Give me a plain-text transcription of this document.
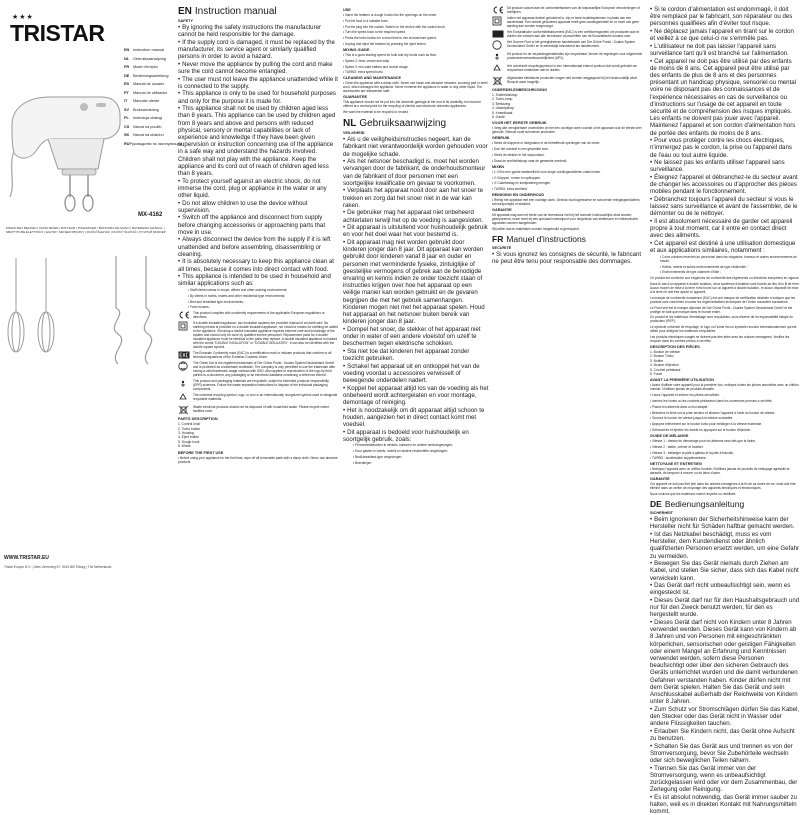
★★★
TRISTAR
EN Instruction manual
NL	Gebruiksaanwijzing
FR	Mode d'emploi
DE Bedienungsanleitung
ES	Manual de usuario
PT	Manual de utilizador
IT	Manuale utente
SV	Bruksanvisning
PL	Instrukcja obsługi
CS Návod na použití
SK Návod na obsluhu
RU Руководство по эксплуатации
MX-4162
MIXER MET BEKKEN | HAND MIXER | BATTEUR | HANDMIXER | BATIDORA DE MANO | BATEDEIRA MANUAL | SBATTITORE ELETTRICO | ELVISP | MIKSER RĘCZNY | RUČNÍ ŠLEHAČ | RUČNÝ ŠĽAHAČ | РУЧНОЙ МИКСЕР
WWW.TRISTAR.EU
Tristar Europe B.V. | Jules Verneweg 87, 5015 BM Tilburg | The Netherlands
EN Instruction manual
SAFETY

• By ignoring the safety instructions the manufacturer cannot be held responsible for the damage.

• If the supply cord is damaged, it must be replaced by the manufacturer, its service agent or similarly qualified persons in order to avoid a hazard.

• Never move the appliance by pulling the cord and make sure the cord cannot become entangled.

• The user must not leave the appliance unattended while it is connected to the supply.

• This appliance is only to be used for household purposes and only for the purpose it is made for.

• This appliance shall not be used by children aged less than 8 years. This appliance can be used by children aged from 8 years and above and persons with reduced physical, sensory or mental capabilities or lack of experience and knowledge if they have been given supervision or instruction concerning use of the appliance in a safe way and understand the hazards involved. Children shall not play with the appliance. Keep the appliance and its cord out of reach of children aged less than 8 years.

• To protect yourself against an electric shock, do not immerse the cord, plug or appliance in the water or any other liquid.

• Do not allow children to use the device without supervision.

• Switch off the appliance and disconnect from supply before changing accessories or approaching parts that move in use.

• Always disconnect the device from the supply if it is left unattended and before assembling, disassembling or cleaning.

• It is absolutely necessary to keep this appliance clean at all times, because it comes into direct contact with food.

• This appliance is intended to be used in household and similar applications such as:

• Staff kitchen areas in shops, offices and other working environments;

• By clients in hotels, motels and other residential type environments;

• Bed and breakfast type environments;

• Farm houses.

This product complies with conformity requirements of the applicable European regulations or directives.

If a double insulated appliance, two insulation systems are provided instead of an earth wire. No earthing means is provided on a double insulated appliance, nor should a means for earthing be added to the appliance. Servicing a double insulated appliance requires extreme care and knowledge of the system and should only be done by qualified service personnel. Replacement parts for a double insulated appliance must be identical to the parts they replace. A double insulated appliance is marked with the words "DOUBLE INSULATION" or "DOUBLE INSULATED". It can also be identified with the double square symbol.

The Eurasian Conformity mark (EAC) is a certification mark to indicate products that conform to all technical regulations of the Eurasian Customs Union.

The Green Dot is the registered trademark of Der Grüne Punkt - Duales System Deutschland GmbH and is protected as a trademark worldwide. The company is only permitted to use the trademark after having a valid trademark usage contract with DSD. Also applies to reproduction of the logo by third parties to a document, any packaging or an electronic database containing a reference thereof.

This product and packaging materials are recyclable, subject to extended producer responsibility (EPR) schemes. Follow the waste separation instructions to dispose of the individual packaging components.

The universal recycling symbol, logo, or icon is an internationally recognized symbol used to designate recyclable materials.

Waste electrical products should not be disposed of with household waste. Please recycle where facilities exist.

PARTS DESCRIPTION
1. Control knob
2. Turbo button
3. Housing
4. Eject button
5. Dough hook
6. Whisk
BEFORE THE FIRST USE

• Before using your appliance for the first time, wipe off all removable parts with a damp cloth. Never use abrasive products.

USE

• Insert the beaters or dough hooks into the openings on the mixer.

• Put the food in a suitable bowl.

• Put the plug into the socket. Switch on the device with the control knob.

• Turn the speed knob to the required speed.

• Press the turbo button for a short time to mix at maximum speed.

• Unplug and eject the beaters by pressing the eject button.

MIXING GUIDE

• This is a good starting speed for bulk and dry foods such as flour.

• Speed 2: beat, cream and whip.

• Speed 3: mix cake batters and cookie dough.

• TURBO: extra speed burst.

CLEANING AND MAINTENANCE

• Clean the appliance with a damp cloth. Never use harsh and abrasive cleaners, scouring pad or steel wool, which damages the appliance. Never immerse the appliance in water or any other liquid. The accessories are dishwasher safe.

GUARANTEE

This appliance should not be put into the domestic garbage at the end of its durability, but must be offered at a central point for the recycling of electric and electronic domestic appliances.

We want the material to be recycled or reused.

NL Gebruiksaanwijzing
VEILIGHEID

• Als u de veiligheidsinstructies negeert, kan de fabrikant niet verantwoordelijk worden gehouden voor de mogelijke schade.

• Als het netsnoer beschadigd is, moet het worden vervangen door de fabrikant, de onderhoudsmonteur van de fabrikant of door personen met een soortgelijke kwalificatie om gevaar te voorkomen.

• Verplaats het apparaat nooit door aan het snoer te trekken en zorg dat het snoer niet in de war kan raken.

• De gebruiker mag het apparaat niet onbeheerd achterlaten terwijl het op de voeding is aangesloten.

• Dit apparaat is uitsluitend voor huishoudelijk gebruik en voor het doel waar het voor bestemd is.

• Dit apparaat mag niet worden gebruikt door kinderen jonger dan 8 jaar. Dit apparaat kan worden gebruikt door kinderen vanaf 8 jaar en ouder en personen met verminderde fysieke, zintuiglijke of geestelijke vermogens of gebrek aan de benodigde ervaring en kennis indien ze onder toezicht staan of instructies krijgen over hoe het apparaat op een veilige manier kan worden gebruikt en de gevaren begrijpen die met het gebruik samenhangen. Kinderen mogen niet met het apparaat spelen. Houd het apparaat en het netsnoer buiten bereik van kinderen jonger dan 8 jaar.

• Dompel het snoer, de stekker of het apparaat niet onder in water of een andere vloeistof om uzelf te beschermen tegen elektrische schokken.

• Sta niet toe dat kinderen het apparaat zonder toezicht gebruiken.

• Schakel het apparaat uit en ontkoppel het van de voeding voordat u accessoires verwisselt of bewegende onderdelen nadert.

• Koppel het apparaat altijd los van de voeding als het onbeheerd wordt achtergelaten en voor montage, demontage of reiniging.

• Het is noodzakelijk om dit apparaat altijd schoon te houden, aangezien het in direct contact komt met voedsel.

• Dit apparaat is bedoeld voor huishoudelijk en soortgelijk gebruik, zoals:

• Personeelskeukens in winkels, kantoren en andere werkomgevingen;

• Door gasten in hotels, motels en andere residentiële omgevingen;

• Bed&breakfast-type omgevingen;

• Boerderijen.

Dit product voldoet aan de conformiteitseisen van de toepasselijke Europese verordeningen of richtlijnen.

Indien het apparaat dubbel geïsoleerd is, zijn er twee isolatiesystemen in plaats van een aardedraad. Een dubbel geïsoleerd apparaat heeft geen aardingsmiddel en er moet ook geen aarding aan worden toegevoegd.

Het Euraziatische conformiteitskeurmerk (EAC) is een certificeringsmerk om producten aan te duiden die voldoen aan alle technische voorschriften van de Euraziatische douane-unie.

Het Groene Punt is het geregistreerde handelsmerk van Der Grüne Punkt - Duales System Deutschland GmbH en is wereldwijd beschermd als handelsmerk.

Dit product en de verpakkingsmaterialen zijn recyclebaar, binnen de regelingen voor uitgebreide producentenverantwoordelijkheid (UPV).

Het universele recyclingsymbool is een internationaal erkend symbool dat wordt gebruikt om recyclebare materialen aan te duiden.

Afgedankte elektrische producten mogen niet worden weggegooid bij het huishoudelijk afval. Recycle waar mogelijk.

ONDERDELENBESCHRIJVING
1. Snelheidsknop
2. Turbo-knop
3. Behuizing
4. Uitwerpknop
5. Kneedhaak
6. Garde
VOOR HET EERSTE GEBRUIK

• Veeg alle verwijderbare onderdelen af met een vochtige doek voordat u het apparaat voor de eerste keer gebruikt. Gebruik nooit schurende producten.

GEBRUIK

• Steek de kloppers of deeghaken in de betreffende openingen van de mixer.

• Doe het voedsel in een geschikte kom.

• Steek de stekker in het stopcontact.

• Draai de snelheidsknop naar de gewenste snelheid.

MIXEN

• 1: Dit is een goede startsnelheid voor droge voedingsmiddelen zoals bloem.

• 2: Kloppen, romen en opkloppen.

• 3: Cakebeslag en koekjesdeeg mengen.

• TURBO: extra snelheid.

REINIGING EN ONDERHOUD

• Reinig het apparaat met een vochtige doek. Gebruik nooit agressieve en schurende reinigingsmiddelen, schuursponsjes of staalwol.

GARANTIE

Dit apparaat mag aan het einde van de levensduur niet bij het normale huishoudelijke afval worden gedeponeerd, maar moet bij een speciaal inzamelpunt voor hergebruik van elektrische en elektronische apparaten worden aangeboden.

Wij willen dat de materialen worden hergebruikt of gerecycled.

FR Manuel d'instructions
SÉCURITÉ

• Si vous ignorez les consignes de sécurité, le fabricant ne peut être tenu pour responsable des dommages.

• Si le cordon d'alimentation est endommagé, il doit être remplacé par le fabricant, son réparateur ou des personnes qualifiées afin d'éviter tout risque.

• Ne déplacez jamais l'appareil en tirant sur le cordon et veillez à ce que celui-ci ne s'emmêle pas.

• L'utilisateur ne doit pas laisser l'appareil sans surveillance tant qu'il est branché sur l'alimentation.

• Cet appareil ne doit pas être utilisé par des enfants de moins de 8 ans. Cet appareil peut être utilisé par des enfants de plus de 8 ans et des personnes présentant un handicap physique, sensoriel ou mental voire ne disposant pas des connaissances et de l'expérience nécessaires en cas de surveillance ou d'instructions sur l'usage de cet appareil en toute sécurité et de compréhension des risques impliqués. Les enfants ne doivent pas jouer avec l'appareil. Maintenez l'appareil et son cordon d'alimentation hors de portée des enfants de moins de 8 ans.

• Pour vous protéger contre les chocs électriques, n'immergez pas le cordon, la prise ou l'appareil dans de l'eau ou tout autre liquide.

• Ne laissez pas les enfants utiliser l'appareil sans surveillance.

• Éteignez l'appareil et débranchez-le du secteur avant de changer les accessoires ou d'approcher des pièces mobiles pendant le fonctionnement.

• Débranchez toujours l'appareil du secteur si vous le laissez sans surveillance et avant de l'assembler, de le démonter ou de le nettoyer.

• Il est absolument nécessaire de garder cet appareil propre à tout moment, car il entre en contact direct avec des aliments.

• Cet appareil est destiné à une utilisation domestique et aux applications similaires, notamment :

• Coins cuisines réservés au personnel dans les magasins, bureaux et autres environnements de travail ;

• Hôtels, motels et autres environnements de type résidentiel ;

• Environnements de type chambre d'hôte ;

Ce produit est conforme aux exigences de conformité des règlements ou directives européens en vigueur.

Dans le cas d'un appareil à double isolation, deux systèmes d'isolation sont fournis au lieu d'un fil de terre. Aucun moyen de mise à la terre n'est fourni sur un appareil à double isolation, et aucun dispositif de mise à la terre ne doit être ajouté à l'appareil.

La marque de conformité eurasienne (EAC) est une marque de certification destinée à indiquer que les produits sont conformes à toutes les réglementations techniques de l'Union douanière eurasienne.

Le Point vert est la marque déposée de Der Grüne Punkt - Duales System Deutschland GmbH et est protégé en tant que marque dans le monde entier.

Ce produit et les matériaux d'emballage sont recyclables, sous réserve de la responsabilité élargie du producteur (REP).

Le symbole universel de recyclage, le logo ou l'icône est un symbole reconnu internationalement qui est utilisé pour désigner les matériaux recyclables.

Les produits électriques usagés ne doivent pas être jetés avec les ordures ménagères. Veuillez les recycler dans les centres prévus à cet effet.

DESCRIPTION DES PIÈCES
1. Bouton de vitesse
2. Bouton Turbo
3. Boîtier
4. Bouton d'éjection
5. Crochet pétrisseur
6. Fouet
AVANT LA PREMIÈRE UTILISATION

• Avant d'utiliser votre appareil pour la première fois, nettoyez toutes les pièces amovibles avec un chiffon humide. N'utilisez jamais de produits abrasifs.

• Lavez l'appareil et séchez les pièces amovibles.

• Insérez les fouets ou les crochets pétrisseurs dans les ouvertures prévues à cet effet.

• Placez les aliments dans un bol adapté.

• Branchez la fiche sur la prise secteur et allumez l'appareil à l'aide du bouton de vitesse.

• Tournez le bouton de vitesse jusqu'à la vitesse souhaitée.

• Appuyez brièvement sur le bouton turbo pour mélanger à la vitesse maximale.

• Débranchez et éjectez les fouets en appuyant sur le bouton d'éjection.

GUIDE DE MÉLANGE

• Vitesse 1 : vitesse de démarrage pour les aliments secs tels que la farine.

• Vitesse 2 : battre, crémer et fouetter.

• Vitesse 3 : mélanger la pâte à gâteau et la pâte à biscuits.

• TURBO : accélération supplémentaire.

NETTOYAGE ET ENTRETIEN

• Nettoyez l'appareil avec un chiffon humide. N'utilisez jamais de produits de nettoyage agressifs et abrasifs, de tampons à récurer ou de laine d'acier.

GARANTIE

Cet appareil ne doit pas être jeté dans les ordures ménagères à la fin de sa durée de vie, mais doit être éliminé dans un centre de recyclage des appareils électriques et électroniques.

Nous voulons que les matériaux soient recyclés ou réutilisés.

DE Bedienungsanleitung
SICHERHEIT

• Beim Ignorieren der Sicherheitshinweise kann der Hersteller nicht für Schäden haftbar gemacht werden.

• Ist das Netzkabel beschädigt, muss es vom Hersteller, dem Kundendienst oder ähnlich qualifizierten Personen ersetzt werden, um eine Gefahr zu vermeiden.

• Bewegen Sie das Gerät niemals durch Ziehen am Kabel, und stellen Sie sicher, dass sich das Kabel nicht verwickeln kann.

• Das Gerät darf nicht unbeaufsichtigt sein, wenn es eingesteckt ist.

• Dieses Gerät darf nur für den Haushaltsgebrauch und nur für den Zweck benutzt werden, für den es hergestellt wurde.

• Dieses Gerät darf nicht von Kindern unter 8 Jahren verwendet werden. Dieses Gerät kann von Kindern ab 8 Jahren und von Personen mit eingeschränkten körperlichen, sensorischen oder geistigen Fähigkeiten oder einem Mangel an Erfahrung und Kenntnissen verwendet werden, sofern diese Personen beaufsichtigt oder über den sicheren Gebrauch des Geräts unterrichtet wurden und die damit verbundenen Gefahren verstanden haben. Kinder dürfen nicht mit dem Gerät spielen. Halten Sie das Gerät und sein Anschlusskabel außerhalb der Reichweite von Kindern unter 8 Jahren.

• Zum Schutz vor Stromschlägen dürfen Sie das Kabel, den Stecker oder das Gerät nicht in Wasser oder andere Flüssigkeiten tauchen.

• Erlauben Sie Kindern nicht, das Gerät ohne Aufsicht zu benutzen.

• Schalten Sie das Gerät aus und trennen es von der Stromversorgung, bevor Sie Zubehörteile wechseln oder sich beweglichen Teilen nähern.

• Trennen Sie das Gerät immer von der Stromversorgung, wenn es unbeaufsichtigt zurückgelassen wird oder vor dem Zusammenbau, der Zerlegung oder Reinigung.

• Es ist absolut notwendig, das Gerät immer sauber zu halten, weil es in direkten Kontakt mit Nahrungsmitteln kommt.
